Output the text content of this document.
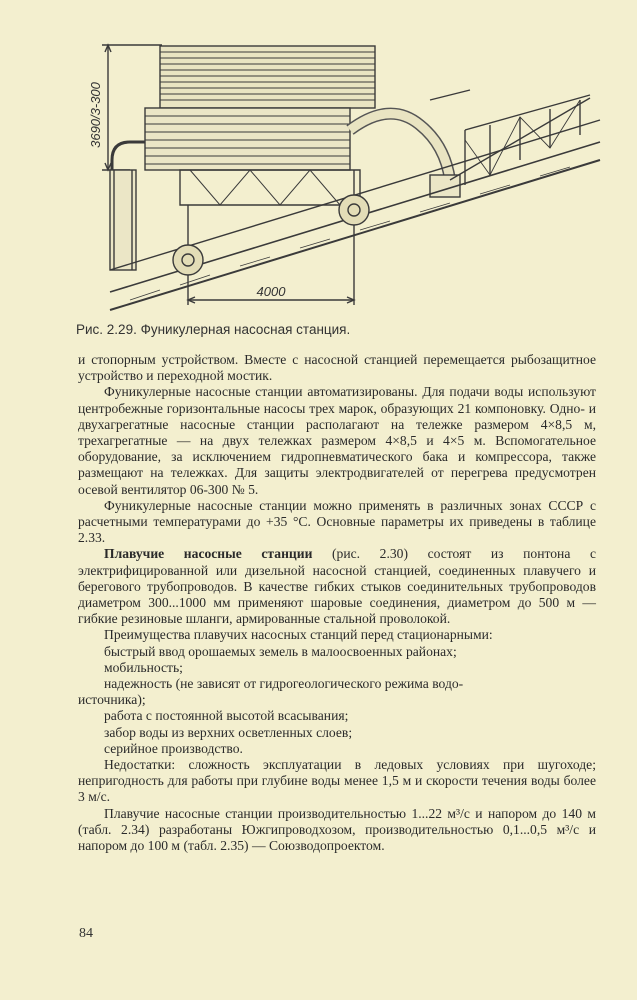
3690/3-300
4000
Рис. 2.29. Фуникулерная насосная станция.

и стопорным устройством. Вместе с насосной станцией перемещается рыбозащитное устройство и переходной мостик.

Фуникулерные насосные станции автоматизированы. Для подачи воды используют центробежные горизонтальные насосы трех марок, образующих 21 компоновку. Одно- и двухагрегатные насосные станции располагают на тележке размером 4×8,5 м, трехагрегатные — на двух тележках размером 4×8,5 и 4×5 м. Вспомогательное оборудование, за исключением гидропневматического бака и компрессора, также размещают на тележках. Для защиты электродвигателей от перегрева предусмотрен осевой вентилятор 06-300 № 5.

Фуникулерные насосные станции можно применять в различных зонах СССР с расчетными температурами до +35 °С. Основные параметры их приведены в таблице 2.33.

Плавучие насосные станции (рис. 2.30) состоят из понтона с электрифицированной или дизельной насосной станцией, соединенных плавучего и берегового трубопроводов. В качестве гибких стыков соединительных трубопроводов диаметром 300...1000 мм применяют шаровые соединения, диаметром до 500 м — гибкие резиновые шланги, армированные стальной проволокой.

Преимущества плавучих насосных станций перед стационарными:

быстрый ввод орошаемых земель в малоосвоенных районах;

мобильность;

надежность (не зависят от гидрогеологического режима водо-

источника);

работа с постоянной высотой всасывания;

забор воды из верхних осветленных слоев;

серийное производство.

Недостатки: сложность эксплуатации в ледовых условиях при шугоходе; непригодность для работы при глубине воды менее 1,5 м и скорости течения воды более 3 м/с.

Плавучие насосные станции производительностью 1...22 м³/с и напором до 140 м (табл. 2.34) разработаны Южгипроводхозом, производительностью 0,1...0,5 м³/с и напором до 100 м (табл. 2.35) — Союзводопроектом.

84
